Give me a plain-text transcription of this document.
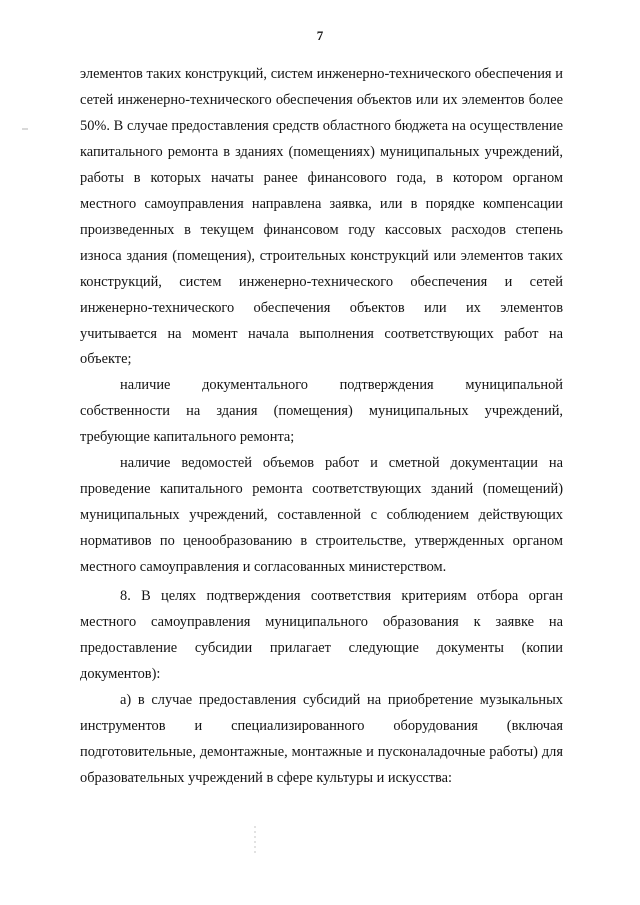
7

элементов таких конструкций, систем инженерно-технического обеспечения и сетей инженерно-технического обеспечения объектов или их элементов более 50%. В случае предоставления средств областного бюджета на осуществление капитального ремонта в зданиях (помещениях) муниципальных учреждений, работы в которых начаты ранее финансового года, в котором органом местного самоуправления направлена заявка, или в порядке компенсации произведенных в текущем финансовом году кассовых расходов степень износа здания (помещения), строительных конструкций или элементов таких конструкций, систем инженерно-технического обеспечения и сетей инженерно-технического обеспечения объектов или их элементов учитывается на момент начала выполнения соответствующих работ на объекте;

наличие документального подтверждения муниципальной собственности на здания (помещения) муниципальных учреждений, требующие капитального ремонта;

наличие ведомостей объемов работ и сметной документации на проведение капитального ремонта соответствующих зданий (помещений) муниципальных учреждений, составленной с соблюдением действующих нормативов по ценообразованию в строительстве, утвержденных органом местного самоуправления и согласованных министерством.

8. В целях подтверждения соответствия критериям отбора орган местного самоуправления муниципального образования к заявке на предоставление субсидии прилагает следующие документы (копии документов):

а) в случае предоставления субсидий на приобретение музыкальных инструментов и специализированного оборудования (включая подготовительные, демонтажные, монтажные и пусконаладочные работы) для образовательных учреждений в сфере культуры и искусства:
